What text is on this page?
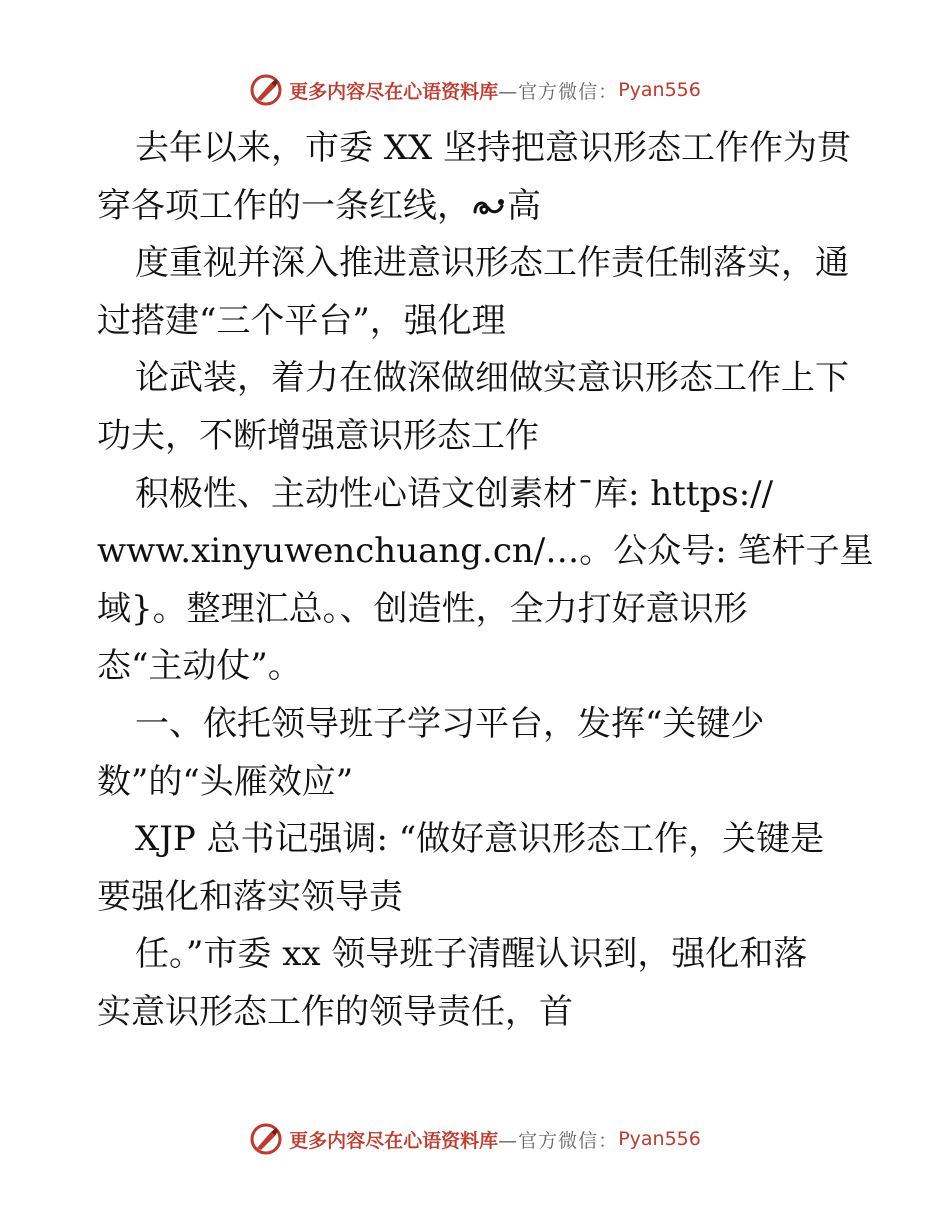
更多内容尽在心语资料库 —官方微信： Pyan556
去年以来，市委 XX 坚持把意识形态工作作为贯
穿各项工作的一条红线， 高
度重视并深入推进意识形态工作责任制落实，通
过搭建“三个平台”，强化理
论武装，着力在做深做细做实意识形态工作上下
功夫，不断增强意识形态工作
积极性、主动性心语文创素材¯库: https://
www.xinyuwenchuang.cn/…。公众号: 笔杆子星
域}。整理汇总。、创造性，全力打好意识形
态“主动仗”。
一、依托领导班子学习平台，发挥“关键少
数”的“头雁效应”
XJP 总书记强调: “做好意识形态工作，关键是
要强化和落实领导责
任。”市委 xx 领导班子清醒认识到，强化和落
实意识形态工作的领导责任，首
更多内容尽在心语资料库 —官方微信： Pyan556
